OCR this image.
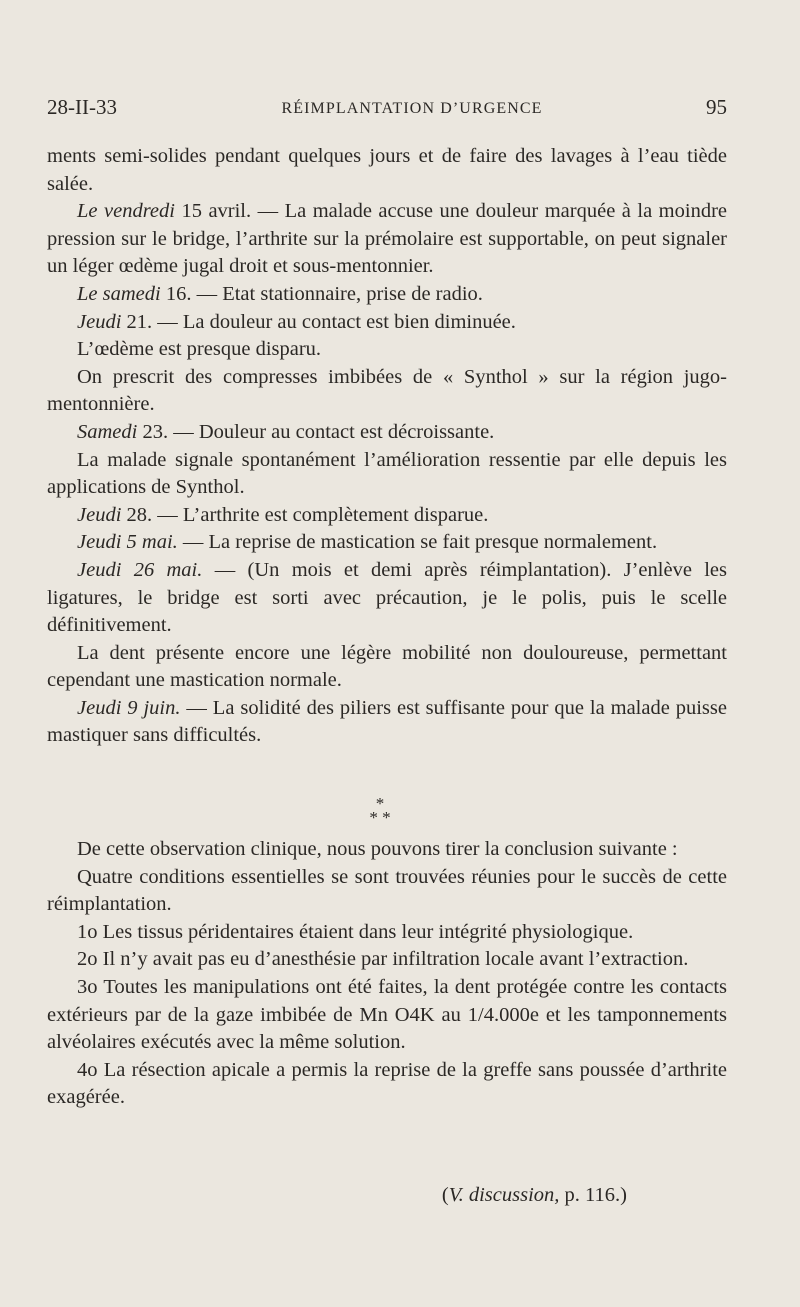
28-II-33	RÉIMPLANTATION D’URGENCE	95

ments semi-solides pendant quelques jours et de faire des lavages à l’eau tiède salée.

Le vendredi 15 avril. — La malade accuse une douleur marquée à la moindre pression sur le bridge, l’arthrite sur la prémolaire est supportable, on peut signaler un léger œdème jugal droit et sous-mentonnier.

Le samedi 16. — Etat stationnaire, prise de radio.

Jeudi 21. — La douleur au contact est bien diminuée.

L’œdème est presque disparu.

On prescrit des compresses imbibées de « Synthol » sur la région jugo-mentonnière.

Samedi 23. — Douleur au contact est décroissante.

La malade signale spontanément l’amélioration ressentie par elle depuis les applications de Synthol.

Jeudi 28. — L’arthrite est complètement disparue.

Jeudi 5 mai. — La reprise de mastication se fait presque normalement.

Jeudi 26 mai. — (Un mois et demi après réimplantation). J’enlève les ligatures, le bridge est sorti avec précaution, je le polis, puis le scelle définitivement.

La dent présente encore une légère mobilité non douloureuse, permettant cependant une mastication normale.

Jeudi 9 juin. — La solidité des piliers est suffisante pour que la malade puisse mastiquer sans difficultés.

*
* *

De cette observation clinique, nous pouvons tirer la conclusion suivante :

Quatre conditions essentielles se sont trouvées réunies pour le succès de cette réimplantation.

1o Les tissus péridentaires étaient dans leur intégrité physiologique.

2o Il n’y avait pas eu d’anesthésie par infiltration locale avant l’extraction.

3o Toutes les manipulations ont été faites, la dent protégée contre les contacts extérieurs par de la gaze imbibée de Mn O4K au 1/4.000e et les tamponnements alvéolaires exécutés avec la même solution.

4o La résection apicale a permis la reprise de la greffe sans poussée d’arthrite exagérée.

(V. discussion, p. 116.)
